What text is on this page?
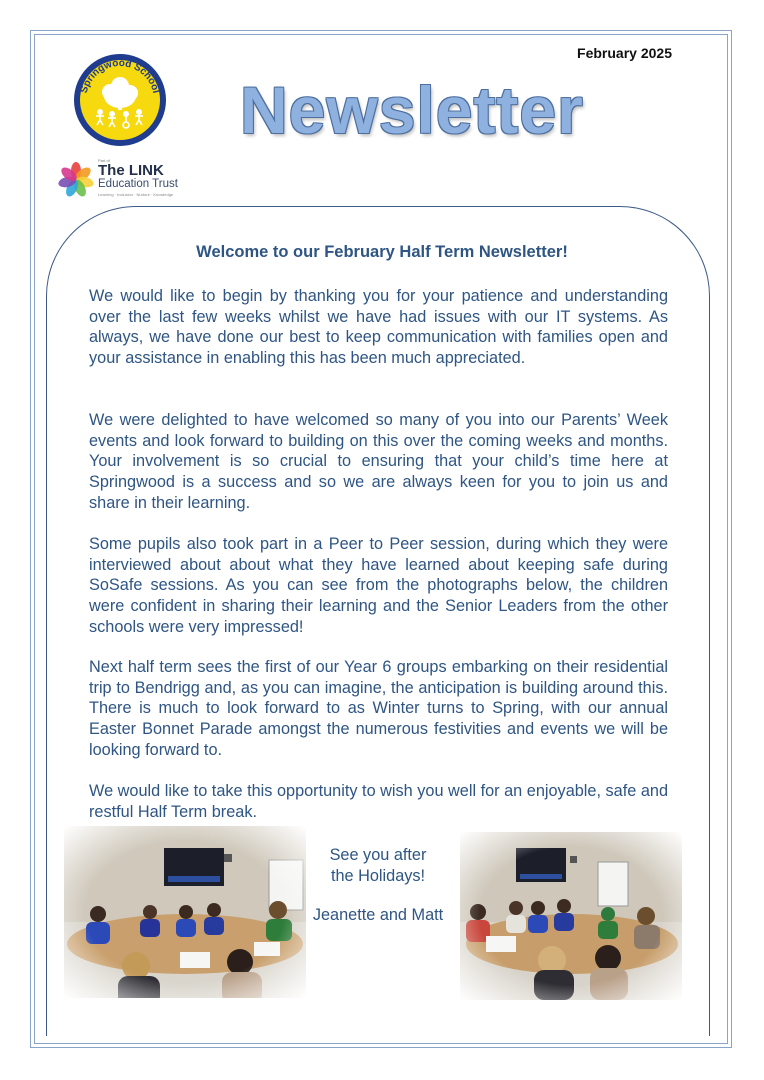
February 2025
Springwood School
Part of
The LINK
Education Trust
Learning · Inclusion · Nurture · Knowledge
Newsletter
Welcome to our February Half Term Newsletter!

We would like to begin by thanking you for your patience and understanding over the last few weeks whilst we have had issues with our IT systems. As always, we have done our best to keep communication with families open and your assistance in enabling this has been much appreciated.

We were delighted to have welcomed so many of you into our Parents’ Week events and look forward to building on this over the coming weeks and months. Your involvement is so crucial to ensuring that your child’s time here at Springwood is a success and so we are always keen for you to join us and share in their learning.

Some pupils also took part in a Peer to Peer session, during which they were interviewed about about what they have learned about keeping safe during SoSafe sessions. As you can see from the photographs below, the children were confident in sharing their learning and the Senior Leaders from the other schools were very impressed!

Next half term sees the first of our Year 6 groups embarking on their residential trip to Bendrigg and, as you can imagine, the anticipation is building around this. There is much to look forward to as Winter turns to Spring, with our annual Easter Bonnet Parade amongst the numerous festivities and events we will be looking forward to.

We would like to take this opportunity to wish you well for an enjoyable, safe and restful Half Term break.

See you after
the Holidays!
Jeanette and Matt
